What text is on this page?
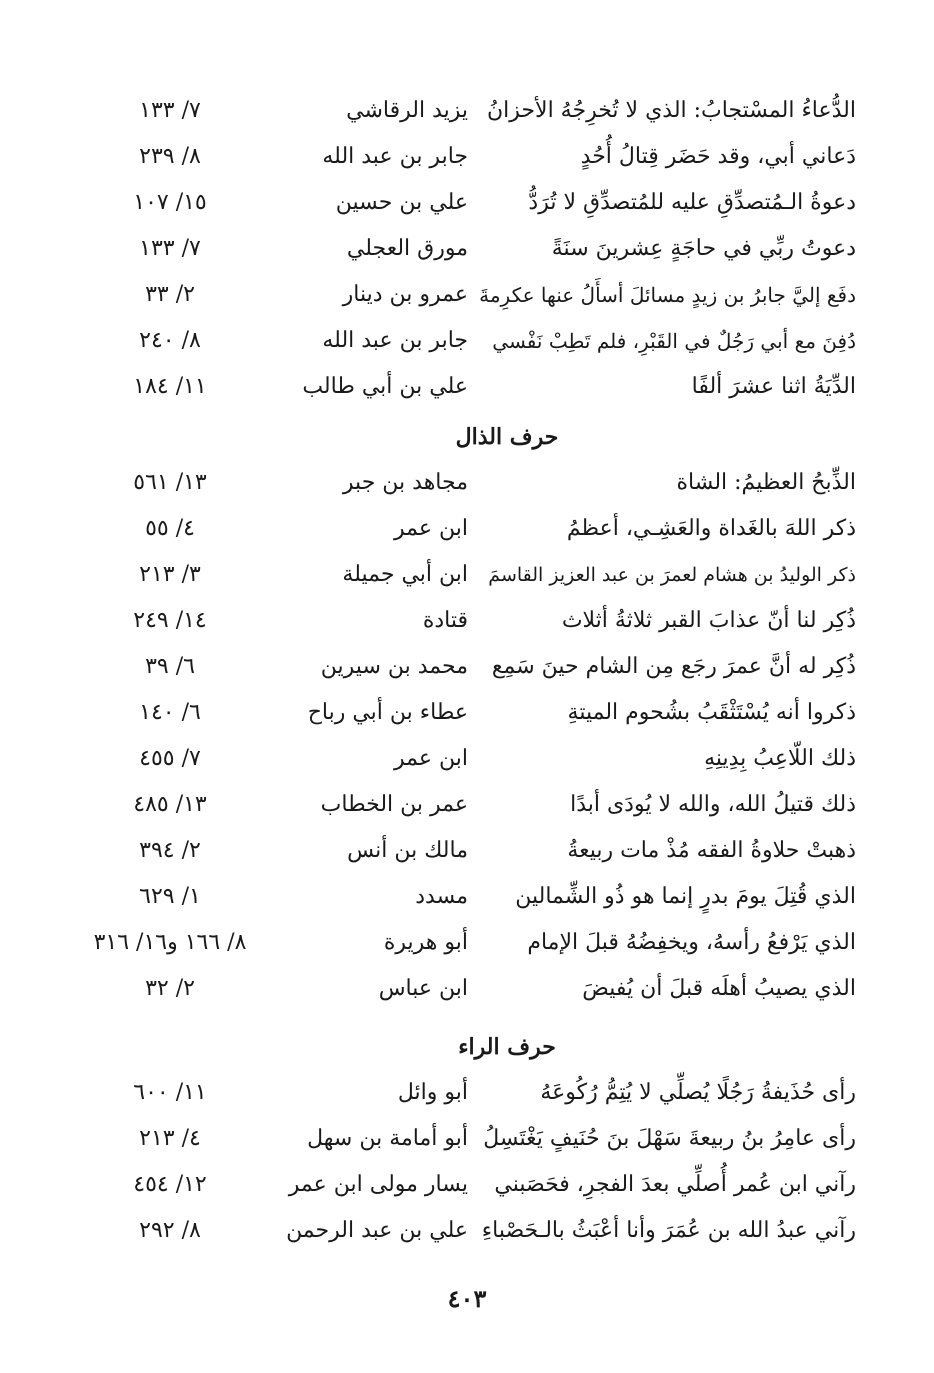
الدُّعاءُ المسْتجابُ: الذي لا تُخرِجُهُ الأحزانُ
يزيد الرقاشي
٧/ ١٣٣
دَعاني أبي، وقد حَضَر قِتالُ أُحُدٍ
جابر بن عبد الله
٨/ ٢٣٩
دعوةُ الـمُتصدِّقِ عليه للمُتصدِّقِ لا تُرَدُّ
علي بن حسين
١٥/ ١٠٧
دعوتُ ربِّي في حاجَةٍ عِشرينَ سنَةً
مورق العجلي
٧/ ١٣٣
دفَع إليَّ جابرُ بن زيدٍ مسائلَ أسأَلُ عنها عكرِمةَ
عمرو بن دينار
٢/ ٣٣
دُفِنَ مع أبي رَجُلٌ في القَبْرِ، فلم تَطِبْ نَفْسي
جابر بن عبد الله
٨/ ٢٤٠
الدِّيَةُ اثنا عشرَ ألفًا
علي بن أبي طالب
١١/ ١٨٤
حرف الذال
الذِّبحُ العظيمُ: الشاة
مجاهد بن جبر
١٣/ ٥٦١
ذكر اللهَ بالغَداة والعَشِـي، أعظمُ
ابن عمر
٤/ ٥٥
ذكر الوليدُ بن هشام لعمرَ بن عبد العزيز القاسمَ
ابن أبي جميلة
٣/ ٢١٣
ذُكِر لنا أنّ عذابَ القبر ثلاثةُ أثلاث
قتادة
١٤/ ٢٤٩
ذُكِر له أنَّ عمرَ رجَع مِن الشام حينَ سَمِع
محمد بن سيرين
٦/ ٣٩
ذكروا أنه يُسْتَثْقَبُ بشُحوم الميتةِ
عطاء بن أبي رباح
٦/ ١٤٠
ذلك اللّاعِبُ بِدِينِهِ
ابن عمر
٧/ ٤٥٥
ذلك قتيلُ الله، والله لا يُودَى أبدًا
عمر بن الخطاب
١٣/ ٤٨٥
ذهبتْ حلاوةُ الفقه مُذْ مات ربيعةُ
مالك بن أنس
٢/ ٣٩٤
الذي قُتِلَ يومَ بدرٍ إنما هو ذُو الشِّمالين
مسدد
١/ ٦٢٩
الذي يَرْفعُ رأسهُ، ويخفِضُهُ قبلَ الإمام
أبو هريرة
٨/ ١٦٦ و١٦/ ٣١٦
الذي يصيبُ أهلَه قبلَ أن يُفيضَ
ابن عباس
٢/ ٣٢
حرف الراء
رأى حُذَيفةُ رَجُلًا يُصلِّي لا يُتِمُّ رُكُوعَهُ
أبو وائل
١١/ ٦٠٠
رأى عامِرُ بنُ ربيعةَ سَهْلَ بنَ حُنَيفٍ يَغْتَسِلُ
أبو أمامة بن سهل
٤/ ٢١٣
رآني ابن عُمر أُصلِّي بعدَ الفجرِ، فحَصَبني
يسار مولى ابن عمر
١٢/ ٤٥٤
رآني عبدُ الله بن عُمَرَ وأنا أعْبَثُ بالـحَصْباءِ
علي بن عبد الرحمن
٨/ ٢٩٢
٤٠٣
